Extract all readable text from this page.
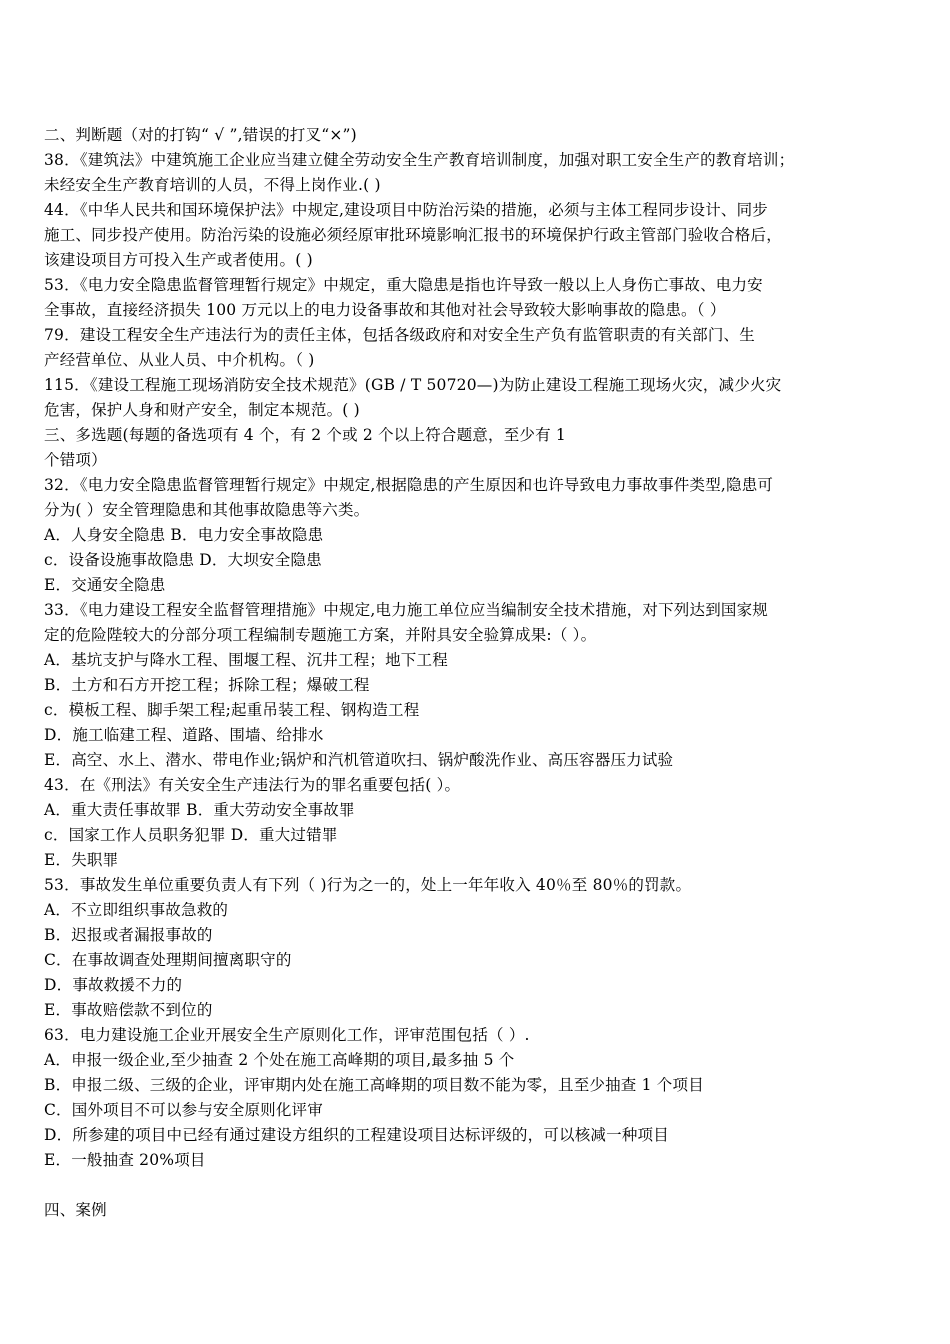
二、判断题（对的打钩“ √ ”,错误的打叉“×”)
38．《建筑法》中建筑施工企业应当建立健全劳动安全生产教育培训制度，加强对职工安全生产的教育培训；
未经安全生产教育培训的人员，不得上岗作业.( )
44．《中华人民共和国环境保护法》中规定,建设项目中防治污染的措施，必须与主体工程同步设计、同步
施工、同步投产使用。防治污染的设施必须经原审批环境影响汇报书的环境保护行政主管部门验收合格后，
该建设项目方可投入生产或者使用。( )
53．《电力安全隐患监督管理暂行规定》中规定，重大隐患是指也许导致一般以上人身伤亡事故、电力安
全事故，直接经济损失 100 万元以上的电力设备事故和其他对社会导致较大影响事故的隐患。（ ）
79．建设工程安全生产违法行为的责任主体，包括各级政府和对安全生产负有监管职责的有关部门、生
产经营单位、从业人员、中介机构。（ )
115．《建设工程施工现场消防安全技术规范》(GB / T 50720—)为防止建设工程施工现场火灾，减少火灾
危害，保护人身和财产安全，制定本规范。( )
三、多选题(每题的备选项有 4 个，有 2 个或 2 个以上符合题意，至少有 1
个错项）
32．《电力安全隐患监督管理暂行规定》中规定,根据隐患的产生原因和也许导致电力事故事件类型,隐患可
分为( ）安全管理隐患和其他事故隐患等六类。
A．人身安全隐患 B．电力安全事故隐患
c．设备设施事故隐患 D．大坝安全隐患
E．交通安全隐患
33．《电力建设工程安全监督管理措施》中规定,电力施工单位应当编制安全技术措施，对下列达到国家规
定的危险陛较大的分部分项工程编制专题施工方案，并附具安全验算成果:（ ）。
A．基坑支护与降水工程、围堰工程、沉井工程；地下工程
B．土方和石方开挖工程；拆除工程；爆破工程
c．模板工程、脚手架工程;起重吊装工程、钢构造工程
D．施工临建工程、道路、围墙、给排水
E．高空、水上、潜水、带电作业;锅炉和汽机管道吹扫、锅炉酸洗作业、高压容器压力试验
43．在《刑法》有关安全生产违法行为的罪名重要包括( ）。
A．重大责任事故罪 B．重大劳动安全事故罪
c．国家工作人员职务犯罪 D．重大过错罪
E．失职罪
53．事故发生单位重要负责人有下列（ )行为之一的，处上一年年收入 40％至 80％的罚款。
A．不立即组织事故急救的
B．迟报或者漏报事故的
C．在事故调查处理期间擅离职守的
D．事故救援不力的
E．事故赔偿款不到位的
63．电力建设施工企业开展安全生产原则化工作，评审范围包括（ ）.
A．申报一级企业,至少抽查 2 个处在施工高峰期的项目,最多抽 5 个
B．申报二级、三级的企业，评审期内处在施工高峰期的项目数不能为零，且至少抽查 1 个项目
C．国外项目不可以参与安全原则化评审
D．所参建的项目中已经有通过建设方组织的工程建设项目达标评级的，可以核减一种项目
E．一般抽查 20%项目
四、案例
